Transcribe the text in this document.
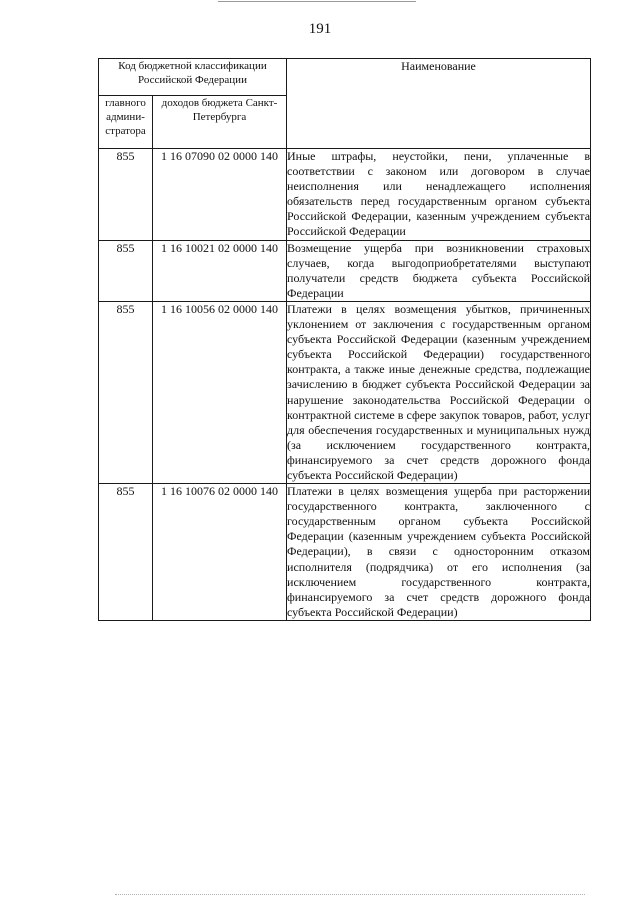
191
Код бюджетной классификации Российской Федерации		Наименование
главного админи-стратора	доходов бюджета Санкт-Петербурга	
855	1 16 07090 02 0000 140	Иные штрафы, неустойки, пени, уплаченные в соответствии с законом или договором в случае неисполнения или ненадлежащего исполнения обязательств перед государственным органом субъекта Российской Федерации, казенным учреждением субъекта Российской Федерации
855	1 16 10021 02 0000 140	Возмещение ущерба при возникновении страховых случаев, когда выгодоприобретателями выступают получатели средств бюджета субъекта Российской Федерации
855	1 16 10056 02 0000 140	Платежи в целях возмещения убытков, причиненных уклонением от заключения с государственным органом субъекта Российской Федерации (казенным учреждением субъекта Российской Федерации) государственного контракта, а также иные денежные средства, подлежащие зачислению в бюджет субъекта Российской Федерации за нарушение законодательства Российской Федерации о контрактной системе в сфере закупок товаров, работ, услуг для обеспечения государственных и муниципальных нужд (за исключением государственного контракта, финансируемого за счет средств дорожного фонда субъекта Российской Федерации)
855	1 16 10076 02 0000 140	Платежи в целях возмещения ущерба при расторжении государственного контракта, заключенного с государственным органом субъекта Российской Федерации (казенным учреждением субъекта Российской Федерации), в связи с односторонним отказом исполнителя (подрядчика) от его исполнения (за исключением государственного контракта, финансируемого за счет средств дорожного фонда субъекта Российской Федерации)
